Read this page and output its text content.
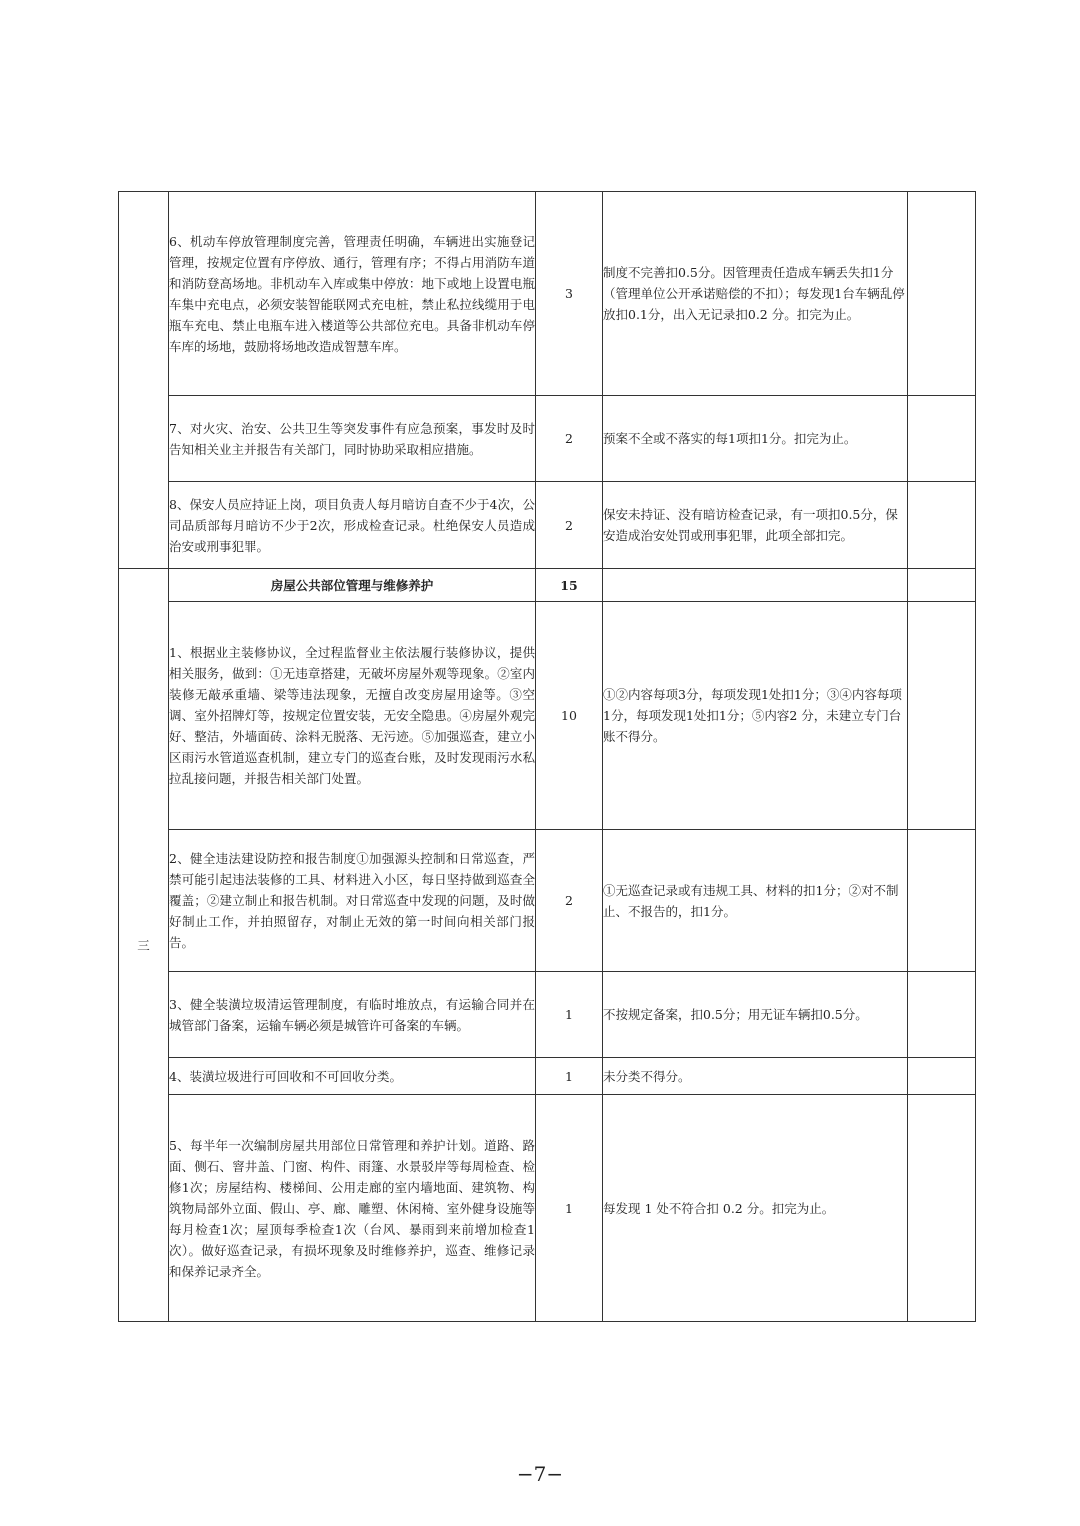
	6、机动车停放管理制度完善，管理责任明确，车辆进出实施登记管理，按规定位置有序停放、通行，管理有序；不得占用消防车道和消防登高场地。非机动车入库或集中停放：地下或地上设置电瓶车集中充电点，必须安装智能联网式充电桩，禁止私拉线缆用于电瓶车充电、禁止电瓶车进入楼道等公共部位充电。具备非机动车停车库的场地，鼓励将场地改造成智慧车库。	3	制度不完善扣0.5分。因管理责任造成车辆丢失扣1分（管理单位公开承诺赔偿的不扣）；每发现1台车辆乱停放扣0.1分，出入无记录扣0.2 分。扣完为止。	
	7、对火灾、治安、公共卫生等突发事件有应急预案，事发时及时告知相关业主并报告有关部门，同时协助采取相应措施。	2	预案不全或不落实的每1项扣1分。扣完为止。	
	8、保安人员应持证上岗，项目负责人每月暗访自查不少于4次，公司品质部每月暗访不少于2次，形成检查记录。杜绝保安人员造成治安或刑事犯罪。	2	保安未持证、没有暗访检查记录，有一项扣0.5分，保安造成治安处罚或刑事犯罪，此项全部扣完。	
三	房屋公共部位管理与维修养护	15		
	1、根据业主装修协议，全过程监督业主依法履行装修协议，提供相关服务，做到：①无违章搭建，无破坏房屋外观等现象。②室内装修无敲承重墙、梁等违法现象，无擅自改变房屋用途等。③空调、室外招牌灯等，按规定位置安装，无安全隐患。④房屋外观完好、整洁，外墙面砖、涂料无脱落、无污迹。⑤加强巡查，建立小区雨污水管道巡查机制，建立专门的巡查台账，及时发现雨污水私拉乱接问题，并报告相关部门处置。	10	①②内容每项3分，每项发现1处扣1分；③④内容每项1分，每项发现1处扣1分；⑤内容2 分，未建立专门台账不得分。	
	2、健全违法建设防控和报告制度①加强源头控制和日常巡查，严禁可能引起违法装修的工具、材料进入小区，每日坚持做到巡查全覆盖；②建立制止和报告机制。对日常巡查中发现的问题，及时做好制止工作，并拍照留存，对制止无效的第一时间向相关部门报告。	2	①无巡查记录或有违规工具、材料的扣1分；②对不制止、不报告的，扣1分。	
	3、健全装潢垃圾清运管理制度，有临时堆放点，有运输合同并在城管部门备案，运输车辆必须是城管许可备案的车辆。	1	不按规定备案，扣0.5分；用无证车辆扣0.5分。	
	4、装潢垃圾进行可回收和不可回收分类。	1	未分类不得分。	
	5、每半年一次编制房屋共用部位日常管理和养护计划。道路、路面、侧石、窨井盖、门窗、构件、雨篷、水景驳岸等每周检查、检修1次；房屋结构、楼梯间、公用走廊的室内墙地面、建筑物、构筑物局部外立面、假山、亭、廊、雕塑、休闲椅、室外健身设施等每月检查1次；屋顶每季检查1次（台风、暴雨到来前增加检查1次）。做好巡查记录，有损坏现象及时维修养护，巡查、维修记录和保养记录齐全。	1	每发现 1 处不符合扣 0.2 分。扣完为止。	
−7−
